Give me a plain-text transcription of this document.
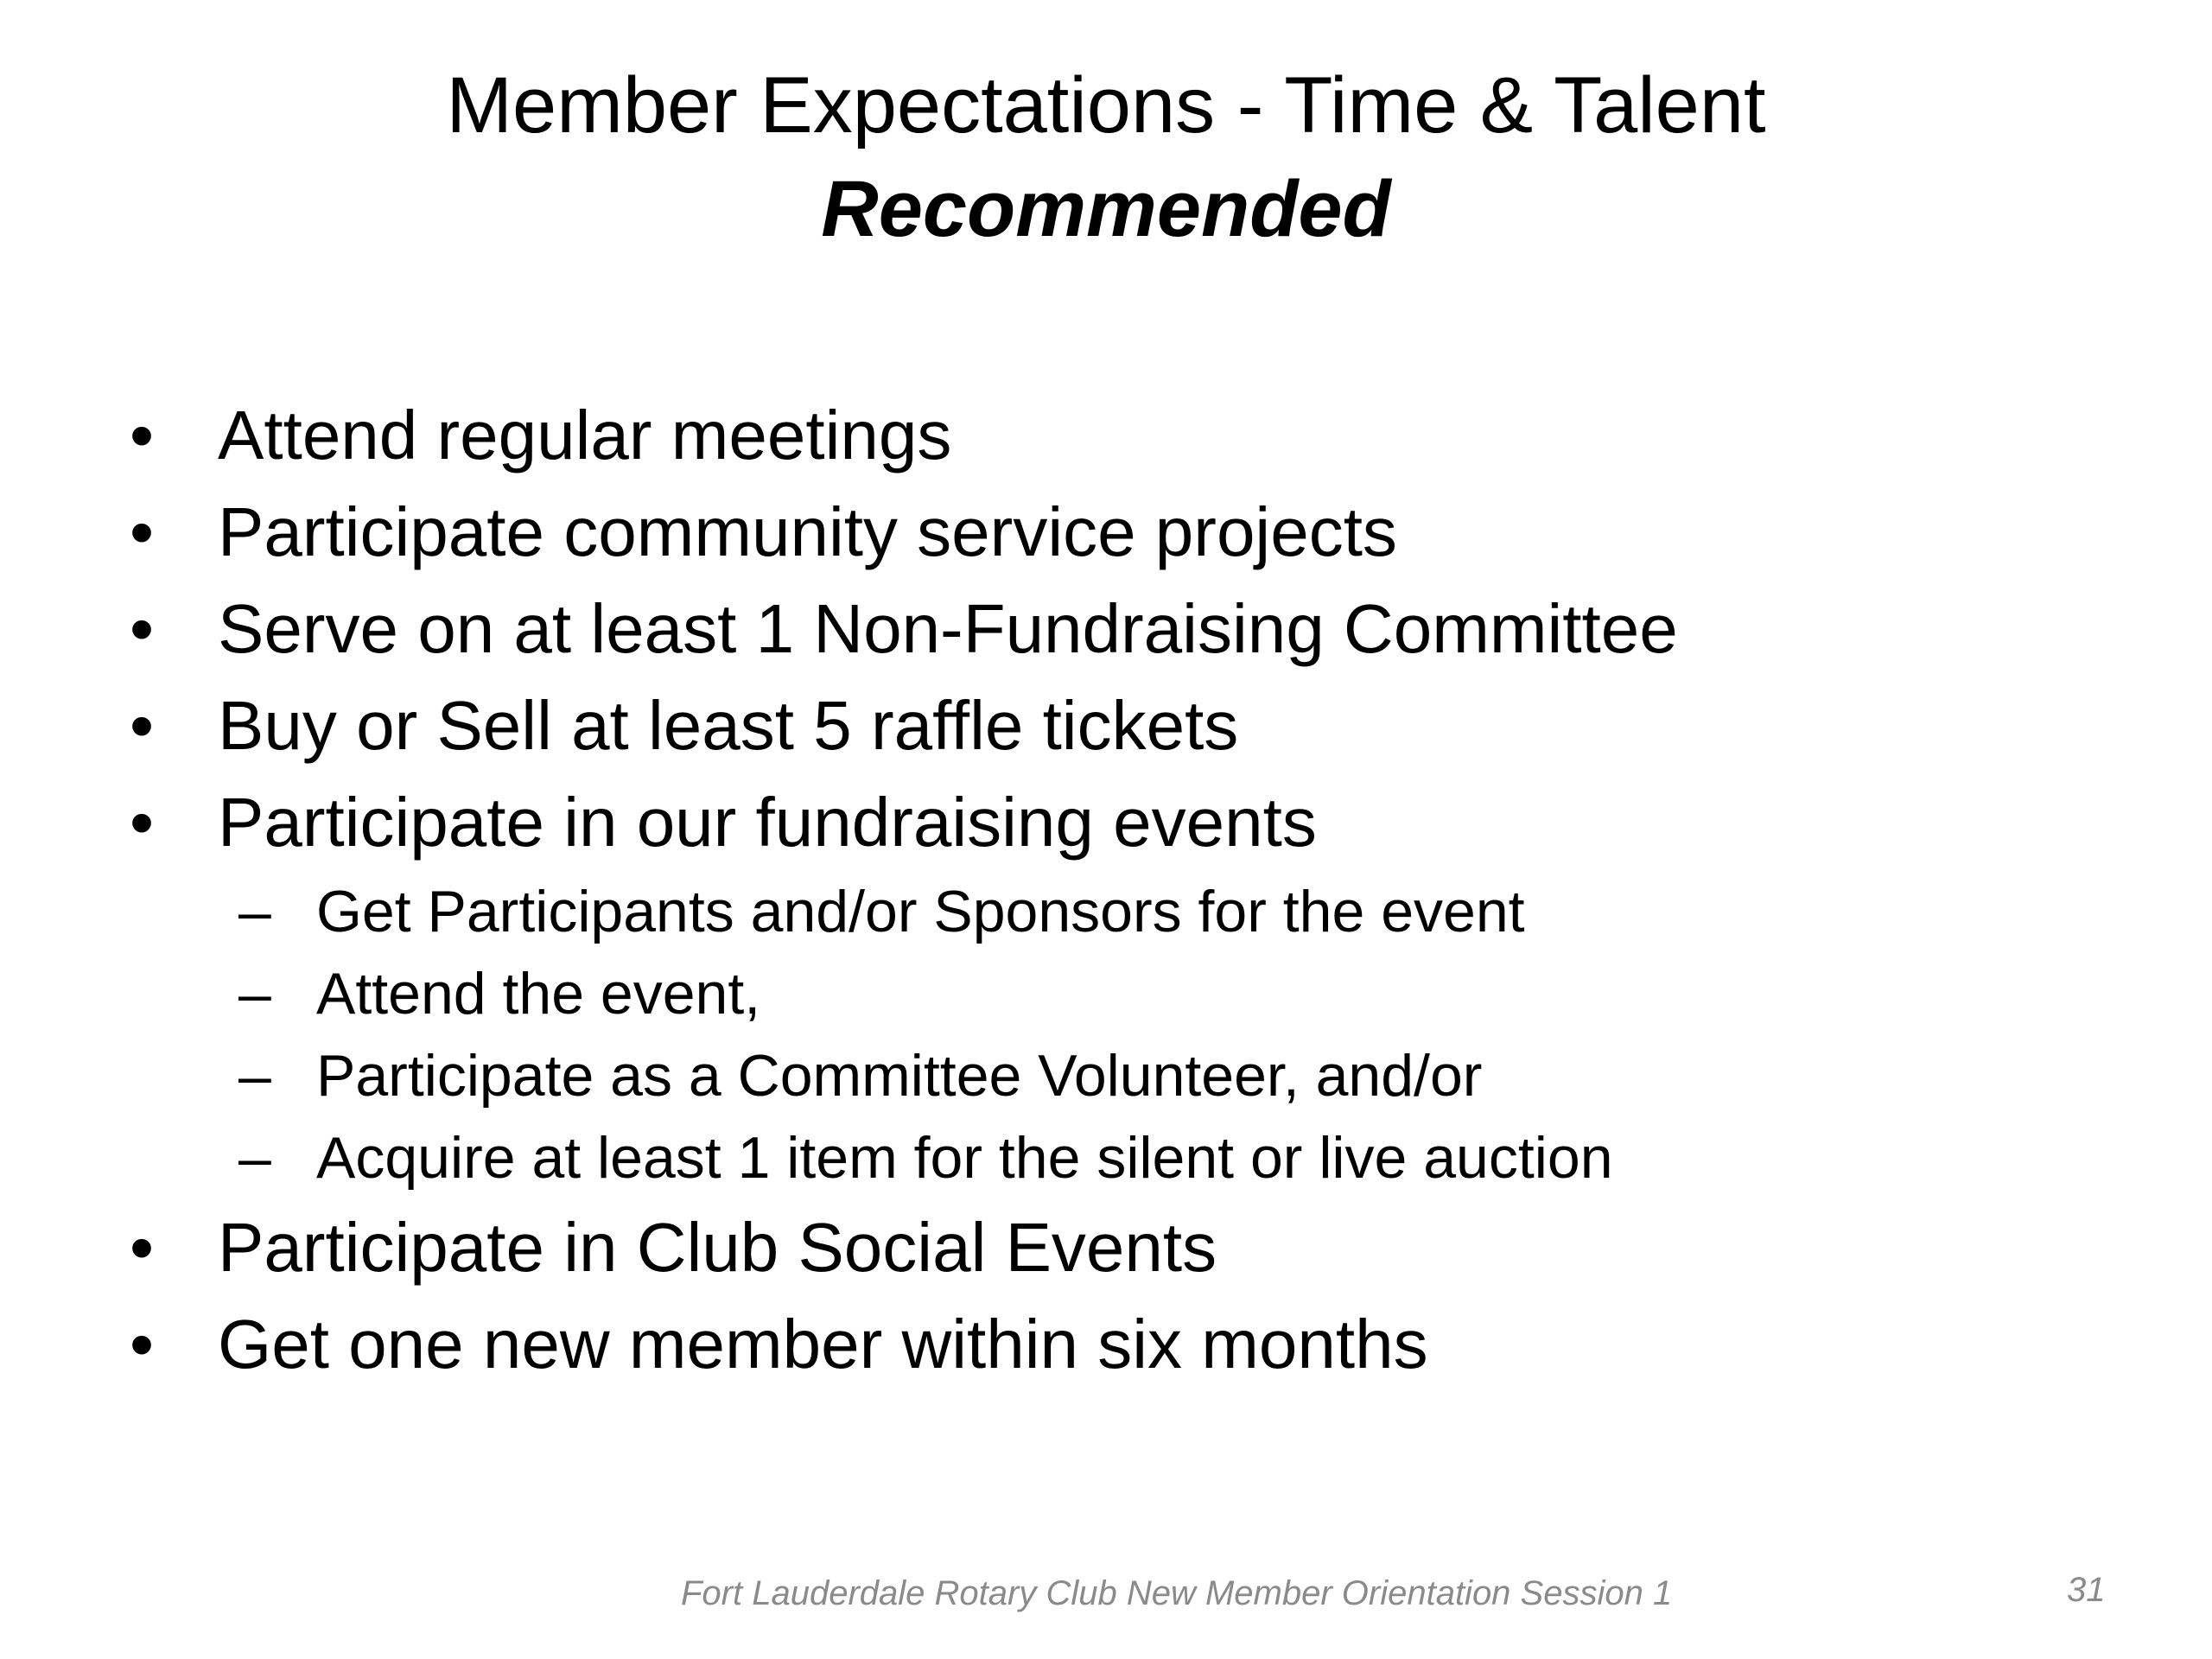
Member Expectations - Time & Talent
Recommended
• Attend regular meetings
• Participate community service projects
• Serve on at least 1 Non-Fundraising Committee
• Buy or Sell at least 5 raffle tickets
• Participate in our fundraising events
– Get Participants and/or Sponsors for the event
– Attend the event,
– Participate as a Committee Volunteer, and/or
– Acquire at least 1 item for the silent or live auction
• Participate in Club Social Events
• Get one new member within six months
Fort Lauderdale Rotary Club New Member Orientation Session 1	31
